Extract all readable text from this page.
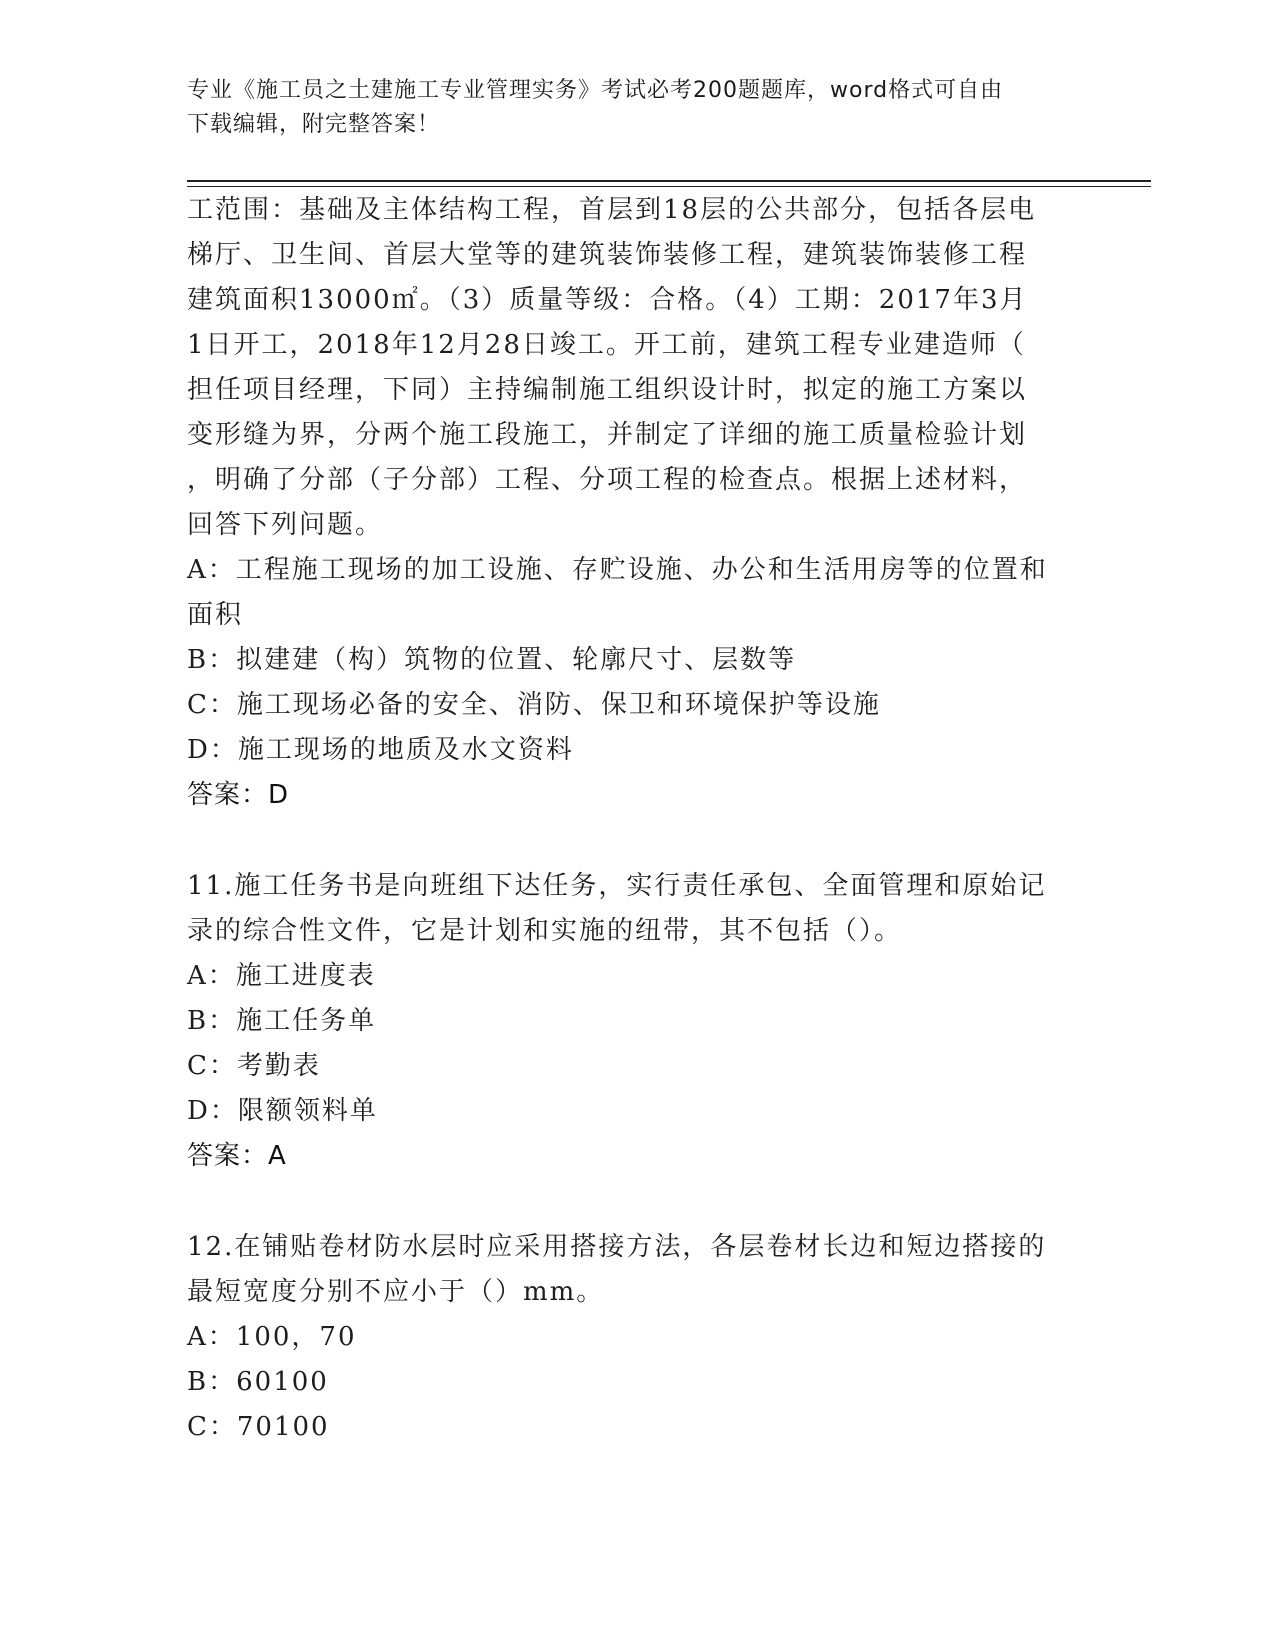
专业《施工员之土建施工专业管理实务》考试必考200题题库，word格式可自由
下载编辑，附完整答案！
工范围：基础及主体结构工程，首层到18层的公共部分，包括各层电
梯厅、卫生间、首层大堂等的建筑装饰装修工程，建筑装饰装修工程
建筑面积13000㎡。（3）质量等级：合格。（4）工期：2017年3月
1日开工，2018年12月28日竣工。开工前，建筑工程专业建造师（
担任项目经理，下同）主持编制施工组织设计时，拟定的施工方案以
变形缝为界，分两个施工段施工，并制定了详细的施工质量检验计划
，明确了分部（子分部）工程、分项工程的检查点。根据上述材料，
回答下列问题。
A：工程施工现场的加工设施、存贮设施、办公和生活用房等的位置和
面积
B：拟建建（构）筑物的位置、轮廓尺寸、层数等
C：施工现场必备的安全、消防、保卫和环境保护等设施
D：施工现场的地质及水文资料
答案：D
11.施工任务书是向班组下达任务，实行责任承包、全面管理和原始记
录的综合性文件，它是计划和实施的纽带，其不包括（）。
A：施工进度表
B：施工任务单
C：考勤表
D：限额领料单
答案：A
12.在铺贴卷材防水层时应采用搭接方法，各层卷材长边和短边搭接的
最短宽度分别不应小于（）mm。
A：100，70
B：60100
C：70100
